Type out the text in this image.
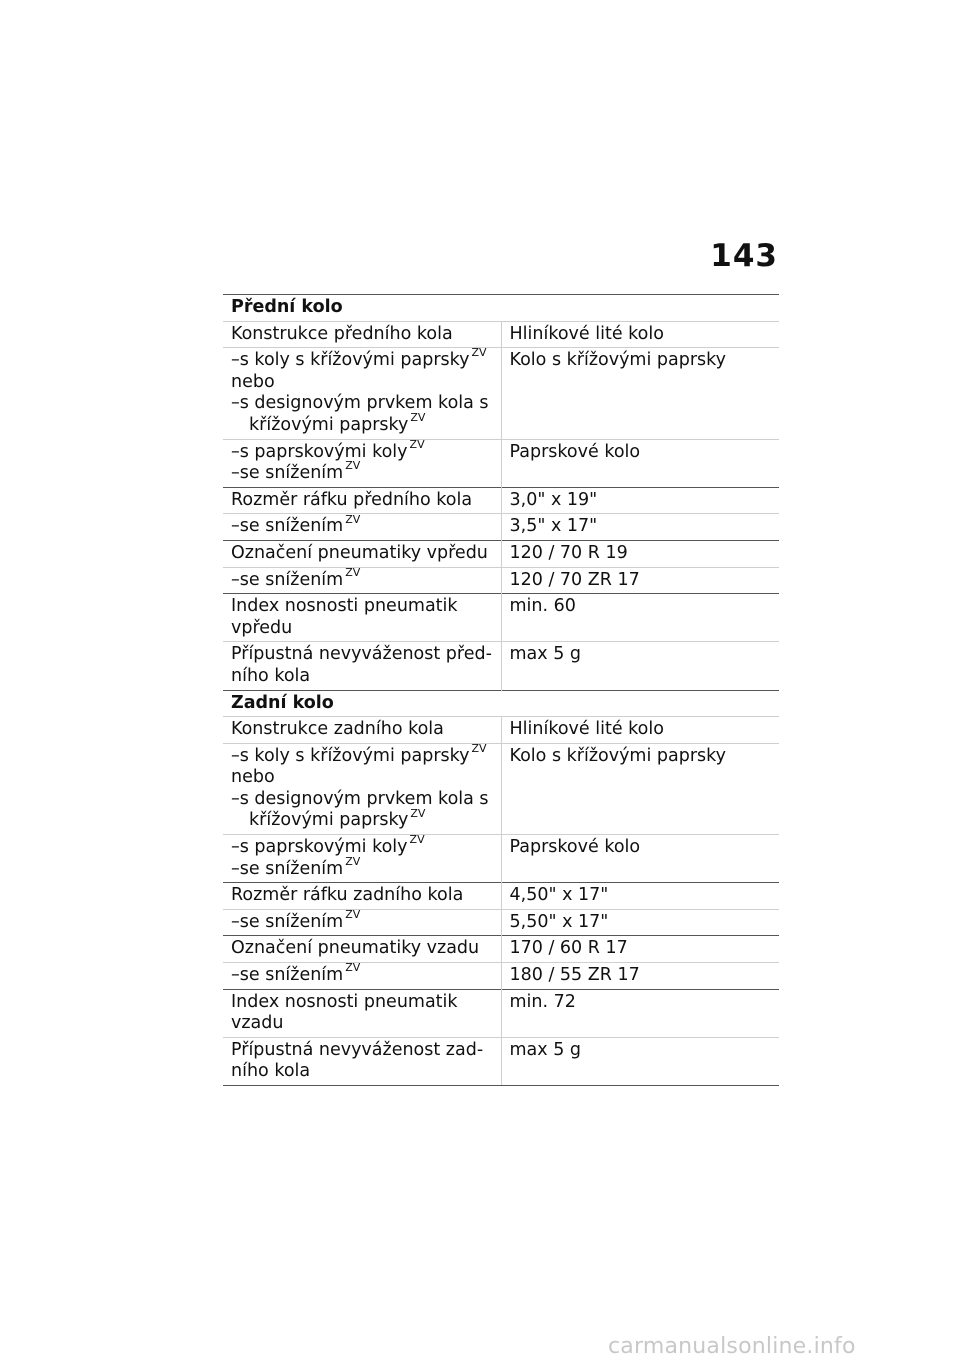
143
Přední kolo	
Konstrukce předního kola	Hliníkové lité kolo

–s koly s křížovými paprsky $^{ZV}$
nebo
–s designovým prvkem kola s
křížovými paprsky $^{ZV}$	Kolo s křížovými paprsky

–s paprskovými koly $^{ZV}$
–se snížením $^{ZV}$	Paprskové kolo
Rozměr ráfku předního kola	3,0" x 19"
–se snížením $^{ZV}$	3,5" x 17"
Označení pneumatiky vpředu	120 / 70 R 19
–se snížením $^{ZV}$	120 / 70 ZR 17

Index nosnosti pneumatik
vpředu	min. 60

Přípustná nevyváženost před-
ního kola	max 5 g
Zadní kolo	
Konstrukce zadního kola	Hliníkové lité kolo

–s koly s křížovými paprsky $^{ZV}$
nebo
–s designovým prvkem kola s
křížovými paprsky $^{ZV}$	Kolo s křížovými paprsky

–s paprskovými koly $^{ZV}$
–se snížením $^{ZV}$	Paprskové kolo
Rozměr ráfku zadního kola	4,50" x 17"
–se snížením $^{ZV}$	5,50" x 17"
Označení pneumatiky vzadu	170 / 60 R 17
–se snížením $^{ZV}$	180 / 55 ZR 17

Index nosnosti pneumatik
vzadu	min. 72

Přípustná nevyváženost zad-
ního kola	max 5 g
carmanualsonline.info
